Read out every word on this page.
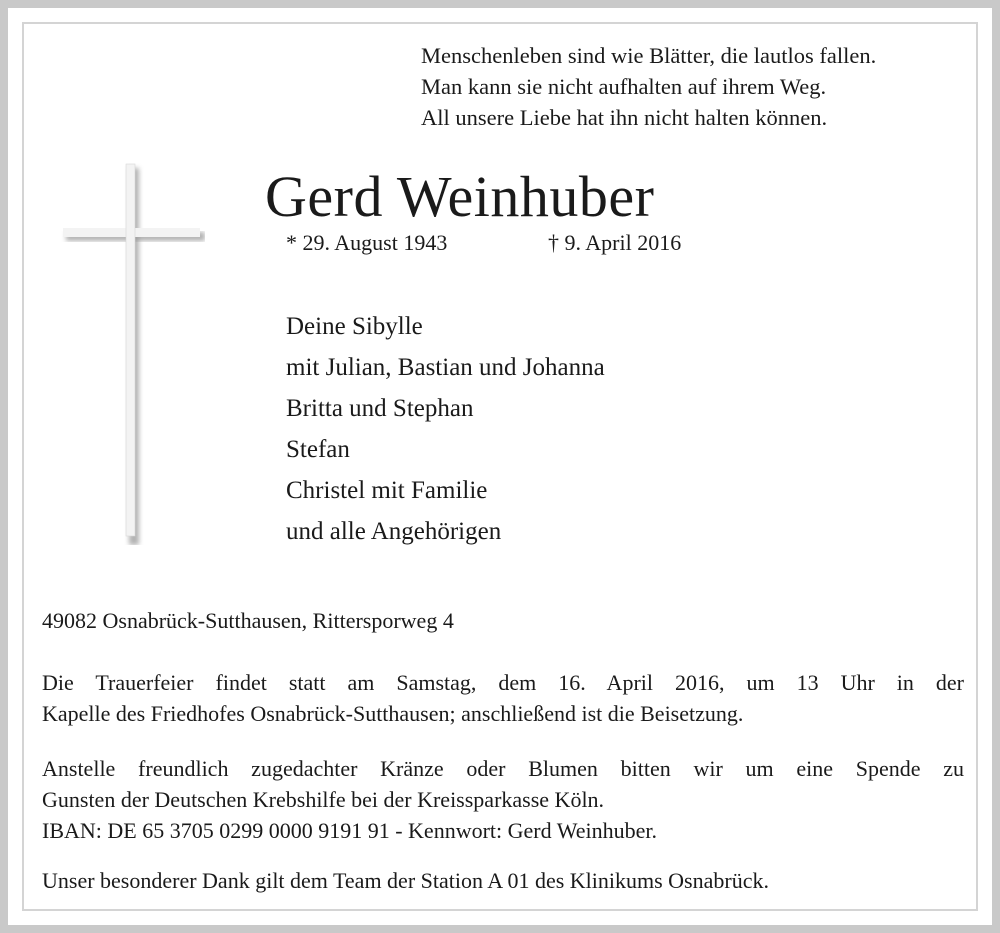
Menschenleben sind wie Blätter, die lautlos fallen.
Man kann sie nicht aufhalten auf ihrem Weg.
All unsere Liebe hat ihn nicht halten können.
Gerd Weinhuber
* 29. August 1943	† 9. April 2016
Deine Sibylle
mit Julian, Bastian und Johanna
Britta und Stephan
Stefan
Christel mit Familie
und alle Angehörigen
49082 Osnabrück-Sutthausen, Rittersporweg 4
Die Trauerfeier findet statt am Samstag, dem 16. April 2016, um 13 Uhr in der
Kapelle des Friedhofes Osnabrück-Sutthausen; anschließend ist die Beisetzung.
Anstelle freundlich zugedachter Kränze oder Blumen bitten wir um eine Spende zu
Gunsten der Deutschen Krebshilfe bei der Kreissparkasse Köln.
IBAN: DE 65 3705 0299 0000 9191 91 - Kennwort: Gerd Weinhuber.
Unser besonderer Dank gilt dem Team der Station A 01 des Klinikums Osnabrück.
